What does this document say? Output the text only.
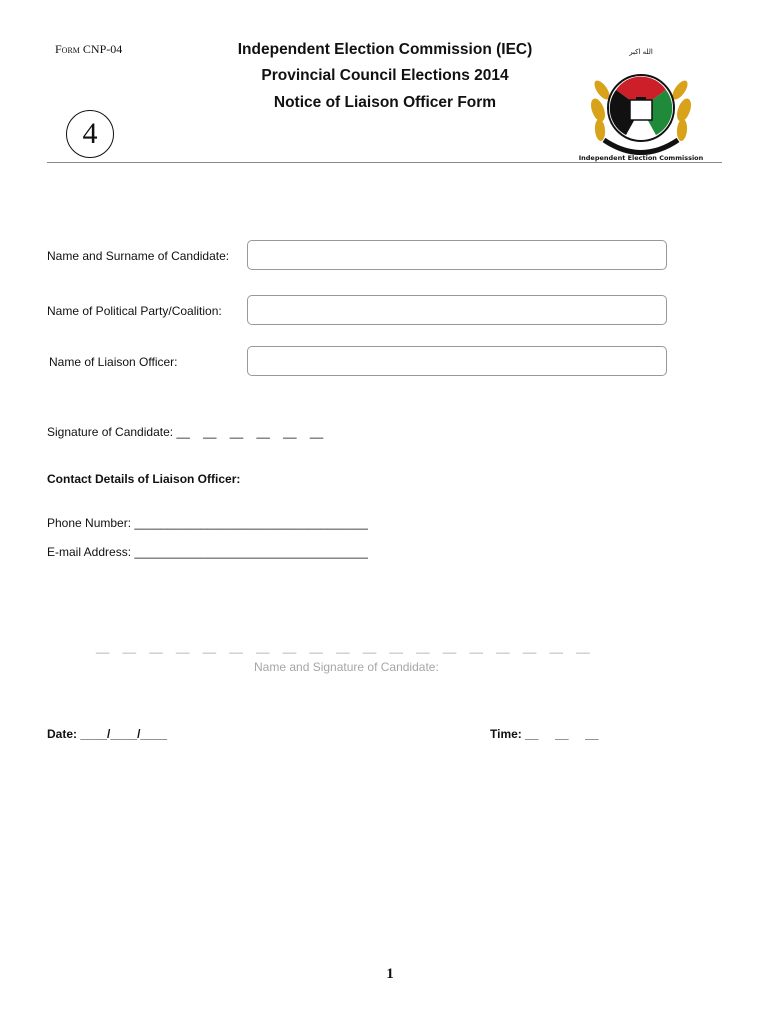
Form CNP-04	Independent Election Commission (IEC)
Provincial Council Elections 2014
Notice of Liaison Officer Form
4
الله اکبر
Independent Election Commission
Name and Surname of Candidate:
Name of Political Party/Coalition:
Name of Liaison Officer:
Signature of Candidate: __    __    __    __    __    __
Contact Details of Liaison Officer:
Phone Number: ___________________________________
E-mail Address: ___________________________________
__    __    __    __    __    __    __    __    __    __    __    __    __    __    __    __    __    __    __
Name and Signature of Candidate:
Date: ____/____/____	Time: __     __     __
1
